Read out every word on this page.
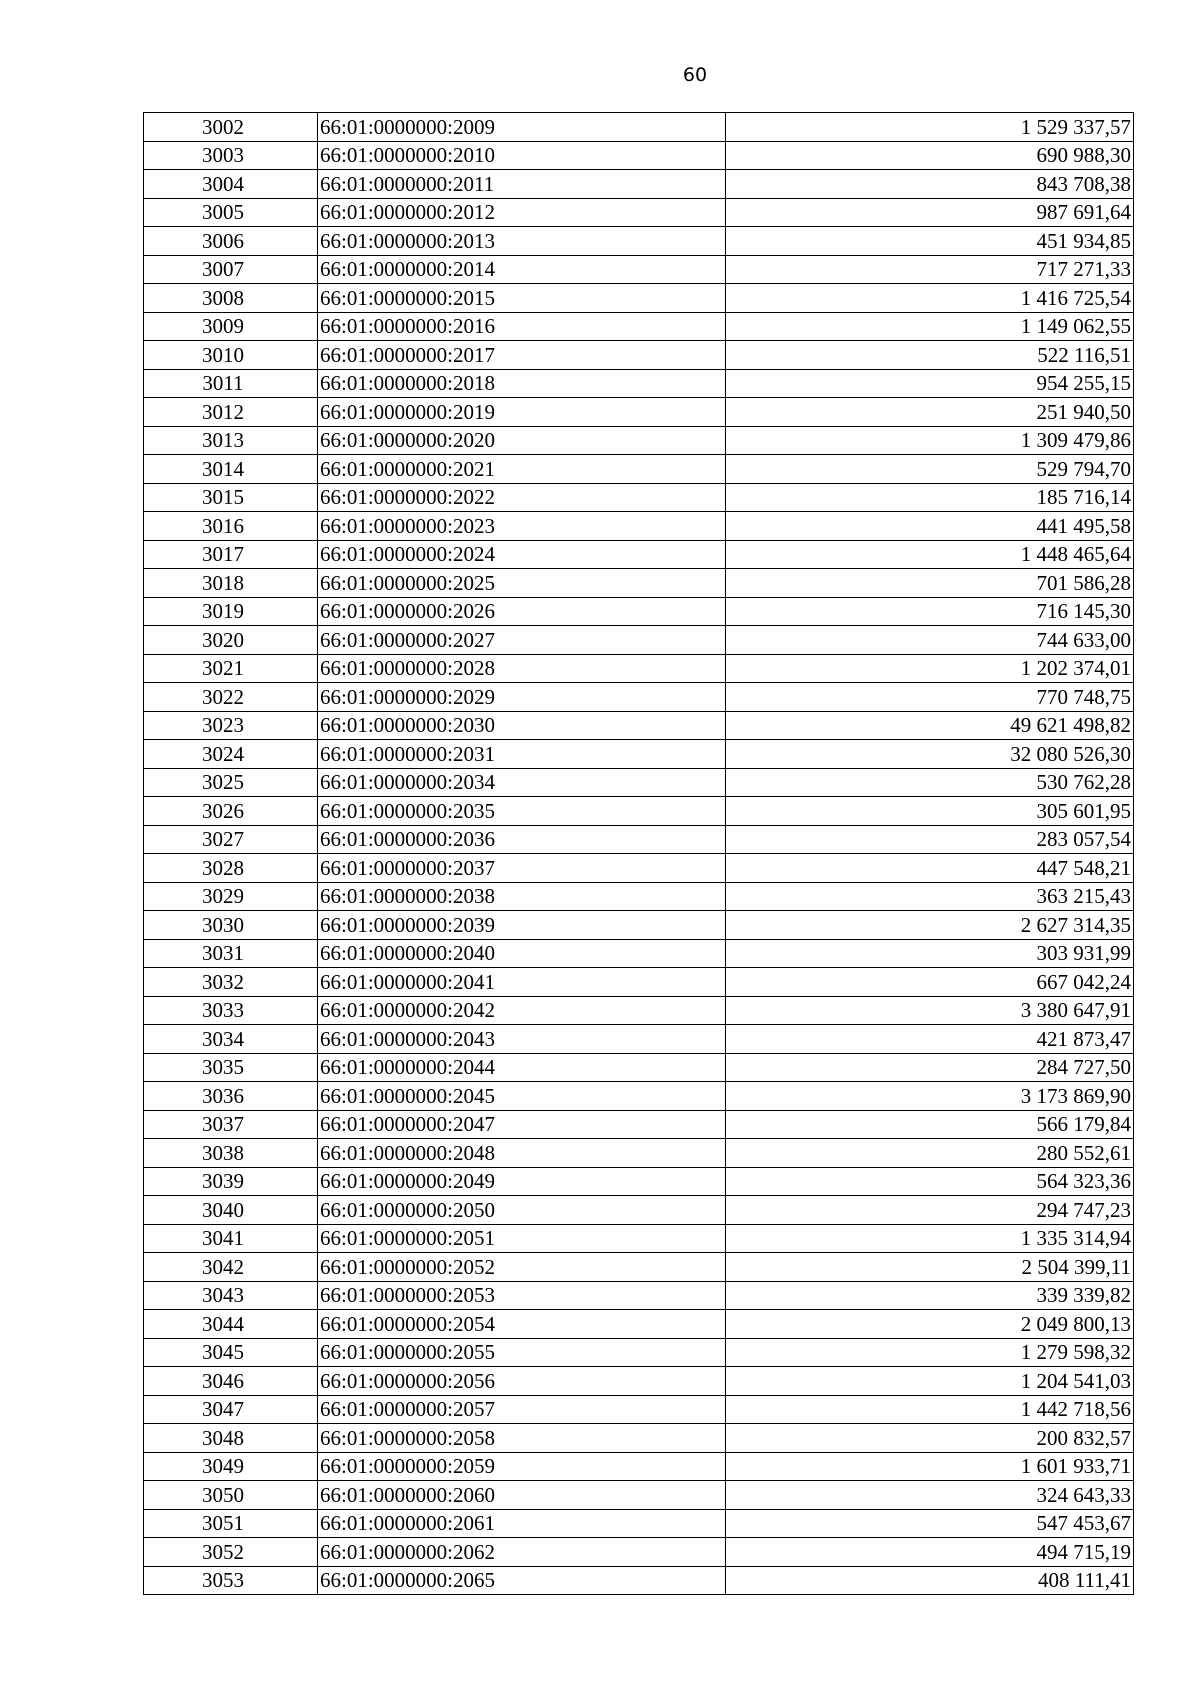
60
3002	66:01:0000000:2009	1 529 337,57
3003	66:01:0000000:2010	690 988,30
3004	66:01:0000000:2011	843 708,38
3005	66:01:0000000:2012	987 691,64
3006	66:01:0000000:2013	451 934,85
3007	66:01:0000000:2014	717 271,33
3008	66:01:0000000:2015	1 416 725,54
3009	66:01:0000000:2016	1 149 062,55
3010	66:01:0000000:2017	522 116,51
3011	66:01:0000000:2018	954 255,15
3012	66:01:0000000:2019	251 940,50
3013	66:01:0000000:2020	1 309 479,86
3014	66:01:0000000:2021	529 794,70
3015	66:01:0000000:2022	185 716,14
3016	66:01:0000000:2023	441 495,58
3017	66:01:0000000:2024	1 448 465,64
3018	66:01:0000000:2025	701 586,28
3019	66:01:0000000:2026	716 145,30
3020	66:01:0000000:2027	744 633,00
3021	66:01:0000000:2028	1 202 374,01
3022	66:01:0000000:2029	770 748,75
3023	66:01:0000000:2030	49 621 498,82
3024	66:01:0000000:2031	32 080 526,30
3025	66:01:0000000:2034	530 762,28
3026	66:01:0000000:2035	305 601,95
3027	66:01:0000000:2036	283 057,54
3028	66:01:0000000:2037	447 548,21
3029	66:01:0000000:2038	363 215,43
3030	66:01:0000000:2039	2 627 314,35
3031	66:01:0000000:2040	303 931,99
3032	66:01:0000000:2041	667 042,24
3033	66:01:0000000:2042	3 380 647,91
3034	66:01:0000000:2043	421 873,47
3035	66:01:0000000:2044	284 727,50
3036	66:01:0000000:2045	3 173 869,90
3037	66:01:0000000:2047	566 179,84
3038	66:01:0000000:2048	280 552,61
3039	66:01:0000000:2049	564 323,36
3040	66:01:0000000:2050	294 747,23
3041	66:01:0000000:2051	1 335 314,94
3042	66:01:0000000:2052	2 504 399,11
3043	66:01:0000000:2053	339 339,82
3044	66:01:0000000:2054	2 049 800,13
3045	66:01:0000000:2055	1 279 598,32
3046	66:01:0000000:2056	1 204 541,03
3047	66:01:0000000:2057	1 442 718,56
3048	66:01:0000000:2058	200 832,57
3049	66:01:0000000:2059	1 601 933,71
3050	66:01:0000000:2060	324 643,33
3051	66:01:0000000:2061	547 453,67
3052	66:01:0000000:2062	494 715,19
3053	66:01:0000000:2065	408 111,41
